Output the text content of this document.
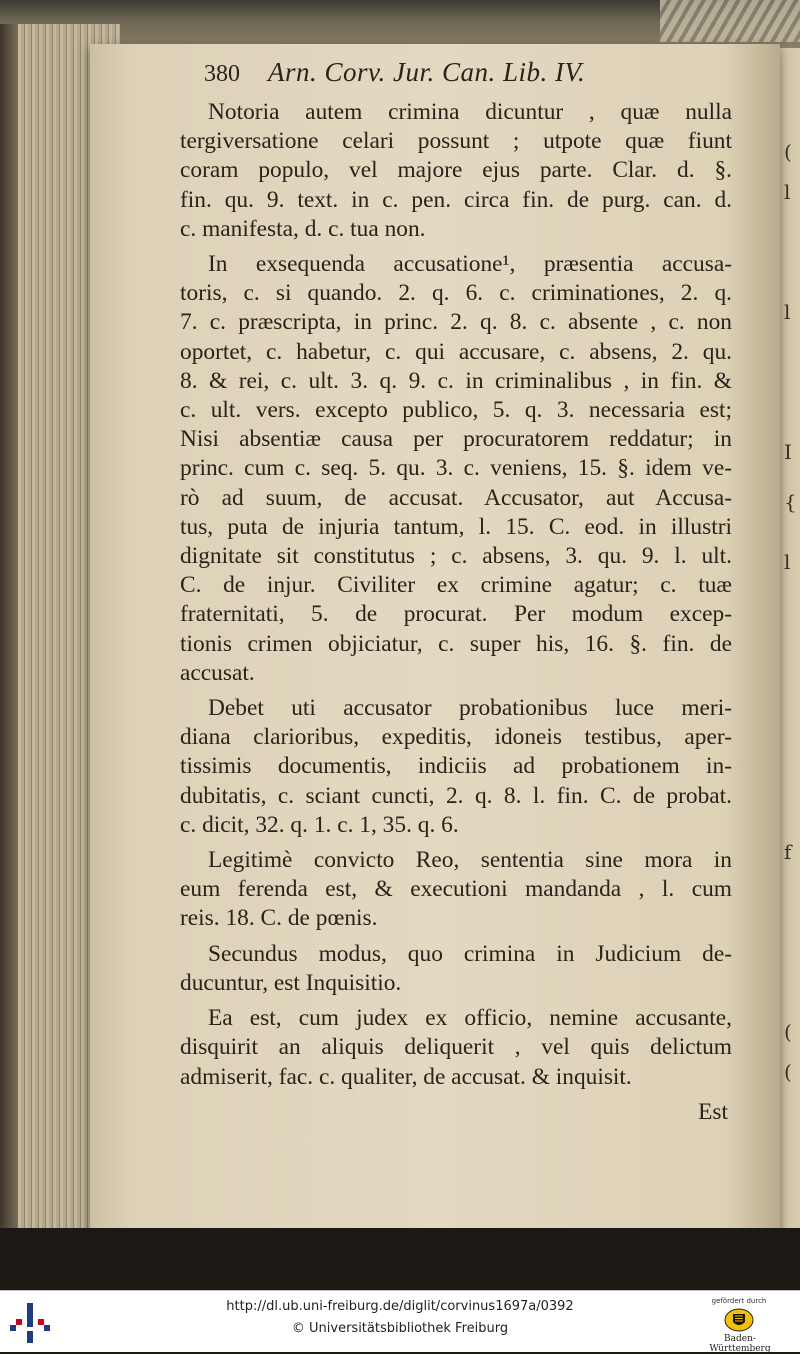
(
l
l
I
{
l
f
(
(
380 Arn. Corv. Jur. Can. Lib. IV.
Notoria autem crimina dicuntur , quæ nulla
tergiversatione celari possunt ; utpote quæ fiunt
coram populo, vel majore ejus parte. Clar. d. §.
fin. qu. 9. text. in c. pen. circa fin. de purg. can. d.
c. manifesta, d. c. tua non.
In exsequenda accusatione¹, præsentia accusa-
toris, c. si quando. 2. q. 6. c. criminationes, 2. q.
7. c. præscripta, in princ. 2. q. 8. c. absente , c. non
oportet, c. habetur, c. qui accusare, c. absens, 2. qu.
8. & rei, c. ult. 3. q. 9. c. in criminalibus , in fin. &
c. ult. vers. excepto publico, 5. q. 3. necessaria est;
Nisi absentiæ causa per procuratorem reddatur; in
princ. cum c. seq. 5. qu. 3. c. veniens, 15. §. idem ve-
rò ad suum, de accusat. Accusator, aut Accusa-
tus, puta de injuria tantum, l. 15. C. eod. in illustri
dignitate sit constitutus ; c. absens, 3. qu. 9. l. ult.
C. de injur. Civiliter ex crimine agatur; c. tuæ
fraternitati, 5. de procurat. Per modum excep-
tionis crimen objiciatur, c. super his, 16. §. fin. de
accusat.
Debet uti accusator probationibus luce meri-
diana clarioribus, expeditis, idoneis testibus, aper-
tissimis documentis, indiciis ad probationem in-
dubitatis, c. sciant cuncti, 2. q. 8. l. fin. C. de probat.
c. dicit, 32. q. 1. c. 1, 35. q. 6.
Legitimè convicto Reo, sententia sine mora in
eum ferenda est, & executioni mandanda , l. cum
reis. 18. C. de pœnis.
Secundus modus, quo crimina in Judicium de-
ducuntur, est Inquisitio.
Ea est, cum judex ex officio, nemine accusante,
disquirit an aliquis deliquerit , vel quis delictum
admiserit, fac. c. qualiter, de accusat. & inquisit.
Est
http://dl.ub.uni-freiburg.de/diglit/corvinus1697a/0392
© Universitätsbibliothek Freiburg
gefördert durch
Baden-Württemberg
